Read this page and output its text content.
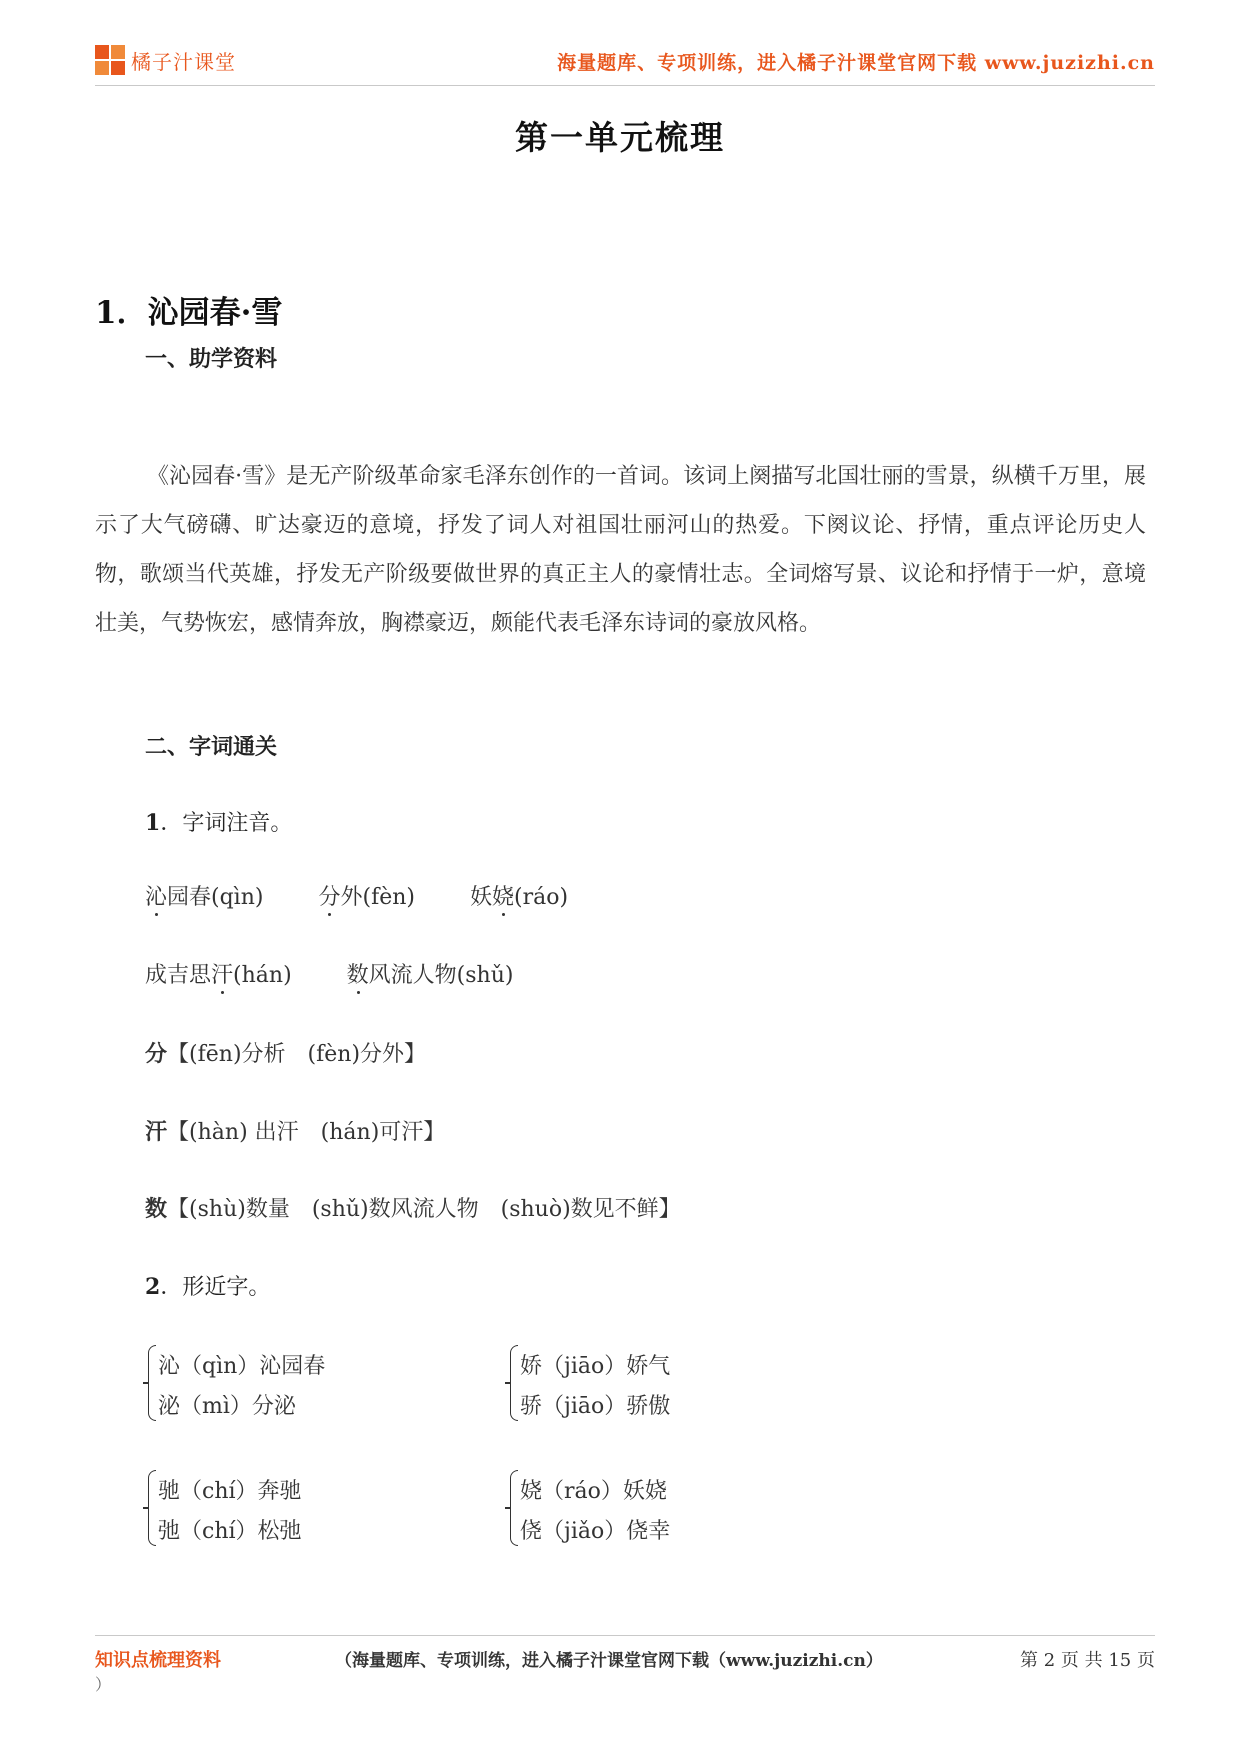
橘子汁课堂	海量题库、专项训练，进入橘子汁课堂官网下载 www.juzizhi.cn
第一单元梳理
1．沁园春·雪
一、助学资料
《沁园春·雪》是无产阶级革命家毛泽东创作的一首词。该词上阕描写北国壮丽的雪景，纵横千万里，展示了大气磅礴、旷达豪迈的意境，抒发了词人对祖国壮丽河山的热爱。下阕议论、抒情，重点评论历史人物，歌颂当代英雄，抒发无产阶级要做世界的真正主人的豪情壮志。全词熔写景、议论和抒情于一炉，意境壮美，气势恢宏，感情奔放，胸襟豪迈，颇能代表毛泽东诗词的豪放风格。
二、字词通关
1．字词注音。
沁园春(qìn)	分外(fèn)	妖娆(ráo)
成吉思汗(hán)	数风流人物(shǔ)
分【(fēn)分析 (fèn)分外】
汗【(hàn) 出汗 (hán)可汗】
数【(shù)数量 (shǔ)数风流人物 (shuò)数见不鲜】
2．形近字。
沁（qìn）沁园春
泌（mì）分泌
娇（jiāo）娇气
骄（jiāo）骄傲
驰（chí）奔驰
弛（chí）松弛
娆（ráo）妖娆
侥（jiǎo）侥幸
知识点梳理资料
）
（海量题库、专项训练，进入橘子汁课堂官网下载（www.juzizhi.cn）	第 2 页 共 15 页
